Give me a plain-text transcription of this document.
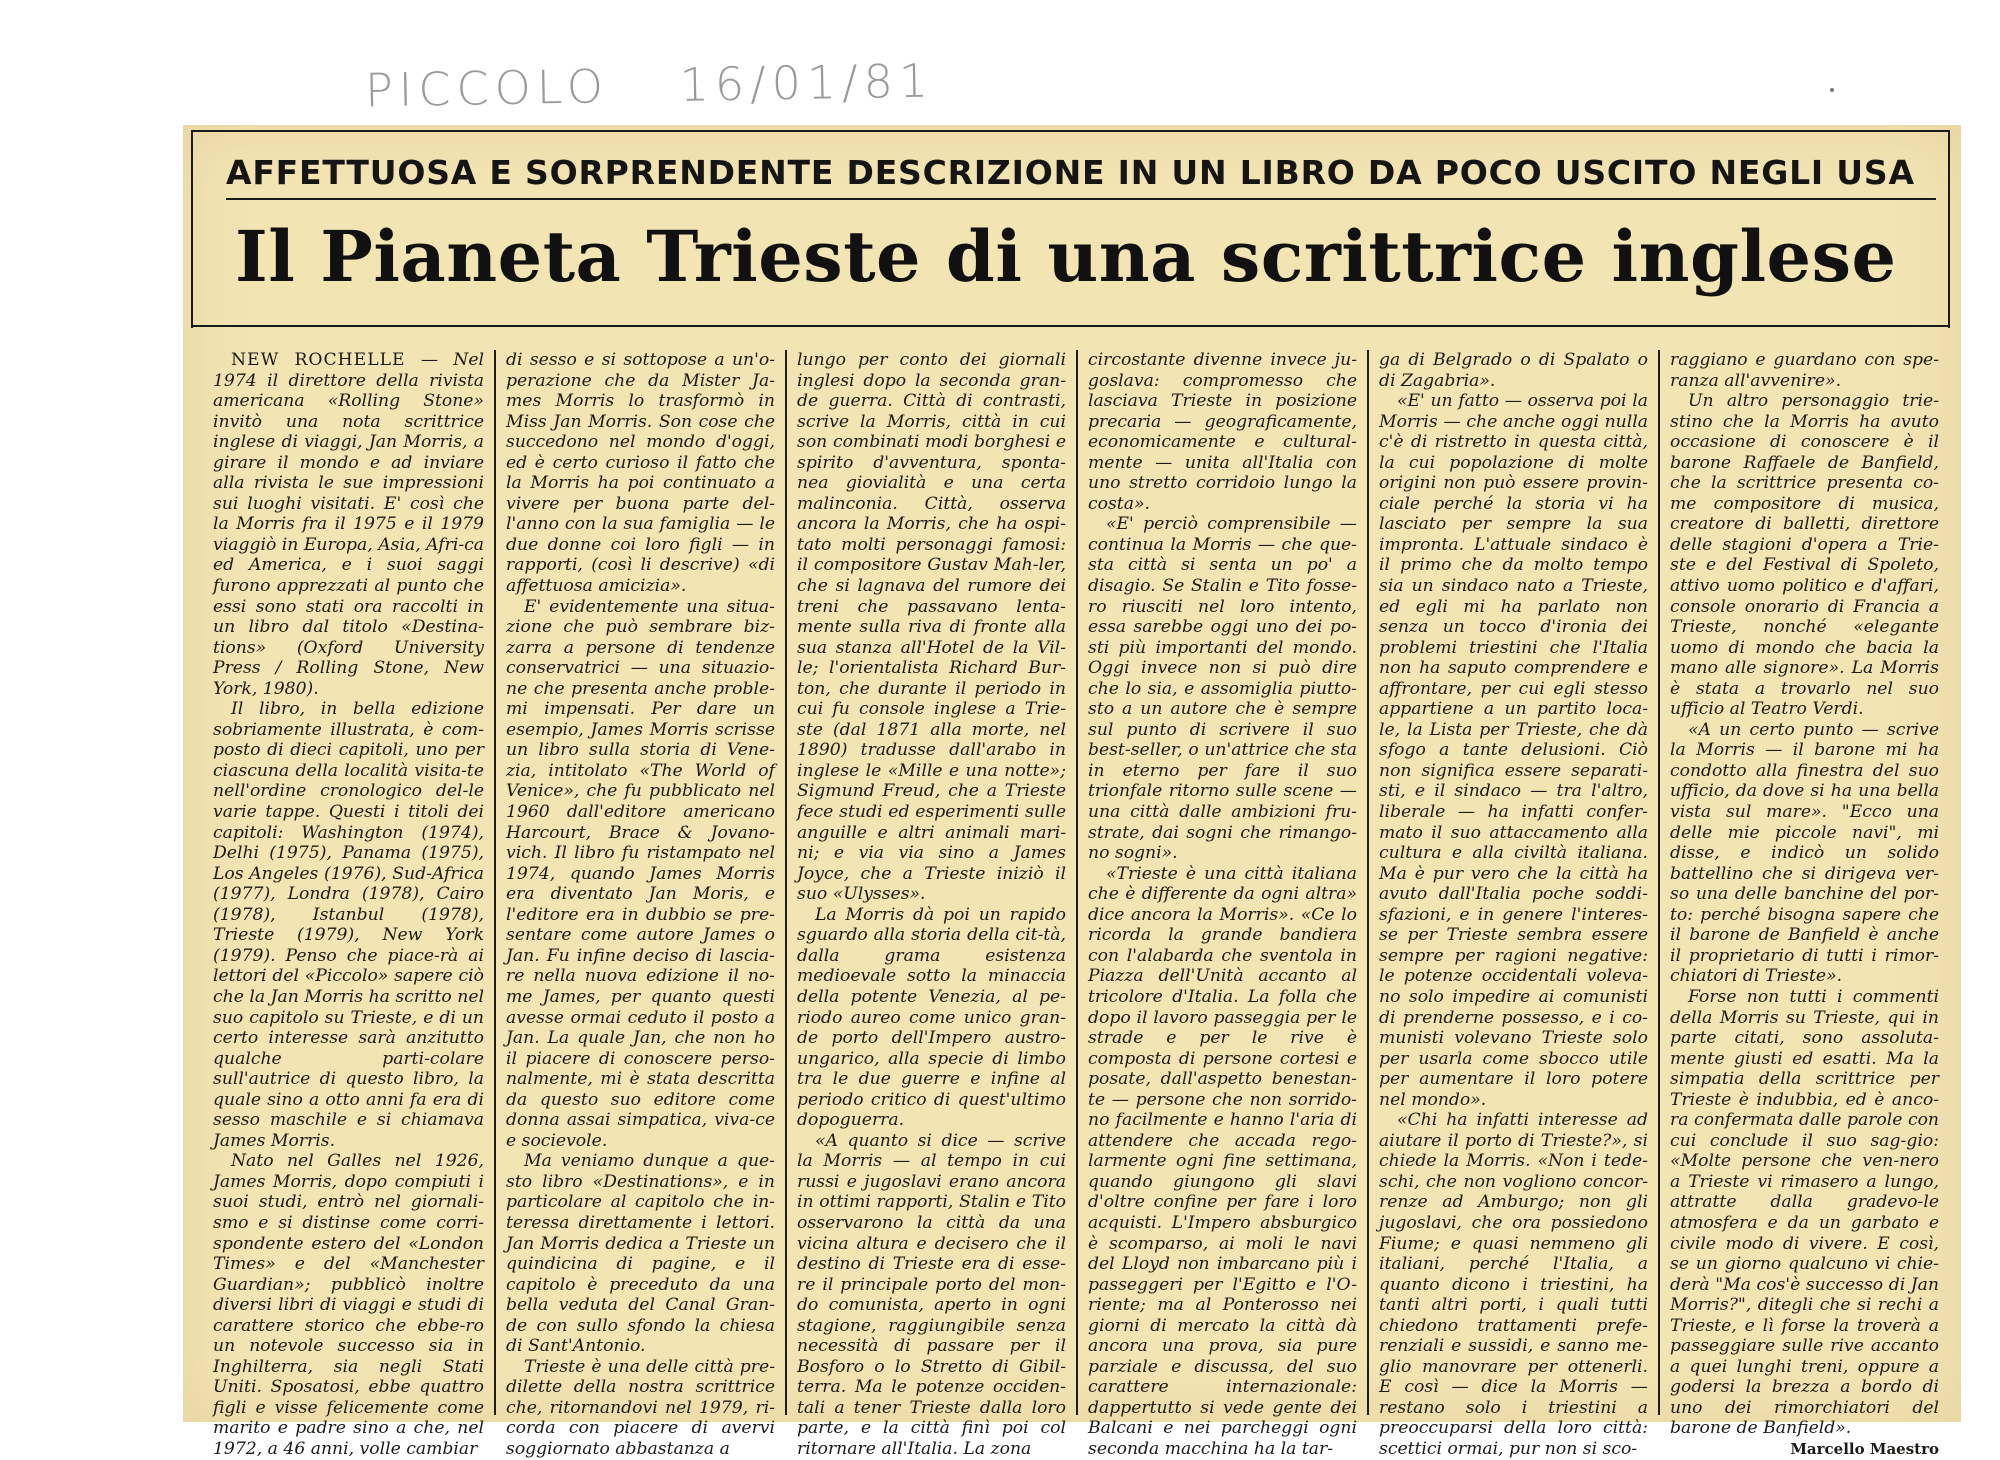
PICCOLO 16/01/81
AFFETTUOSA E SORPRENDENTE DESCRIZIONE IN UN LIBRO DA POCO USCITO NEGLI USA
Il Pianeta Trieste di una scrittrice inglese

NEW ROCHELLE — Nel 1974 il direttore della rivista americana «Rolling Stone» invitò una nota scrittrice inglese di viaggi, Jan Morris, a girare il mondo e ad inviare alla rivista le sue impressioni sui luoghi visitati. E' così che la Morris fra il 1975 e il 1979 viaggiò in Europa, Asia, Afri-ca ed America, e i suoi saggi furono apprezzati al punto che essi sono stati ora raccolti in un libro dal titolo «Destina-tions» (Oxford University Press / Rolling Stone, New York, 1980).

Il libro, in bella edizione sobriamente illustrata, è com-posto di dieci capitoli, uno per ciascuna della località visita-te nell'ordine cronologico del-le varie tappe. Questi i titoli dei capitoli: Washington (1974), Delhi (1975), Panama (1975), Los Angeles (1976), Sud-Africa (1977), Londra (1978), Cairo (1978), Istanbul (1978), Trieste (1979), New York (1979). Penso che piace-rà ai lettori del «Piccolo» sapere ciò che la Jan Morris ha scritto nel suo capitolo su Trieste, e di un certo interesse sarà anzitutto qualche parti-colare sull'autrice di questo libro, la quale sino a otto anni fa era di sesso maschile e si chiamava James Morris.

Nato nel Galles nel 1926, James Morris, dopo compiuti i suoi studi, entrò nel giornali-smo e si distinse come corri-spondente estero del «London Times» e del «Manchester Guardian»; pubblicò inoltre diversi libri di viaggi e studi di carattere storico che ebbe-ro un notevole successo sia in Inghilterra, sia negli Stati Uniti. Sposatosi, ebbe quattro figli e visse felicemente come marito e padre sino a che, nel 1972, a 46 anni, volle cambiar

di sesso e si sottopose a un'o-perazione che da Mister Ja-mes Morris lo trasformò in Miss Jan Morris. Son cose che succedono nel mondo d'oggi, ed è certo curioso il fatto che la Morris ha poi continuato a vivere per buona parte del-l'anno con la sua famiglia — le due donne coi loro figli — in rapporti, (così li descrive) «di affettuosa amicizia».

E' evidentemente una situa-zione che può sembrare biz-zarra a persone di tendenze conservatrici — una situazio-ne che presenta anche proble-mi impensati. Per dare un esempio, James Morris scrisse un libro sulla storia di Vene-zia, intitolato «The World of Venice», che fu pubblicato nel 1960 dall'editore americano Harcourt, Brace & Jovano-vich. Il libro fu ristampato nel 1974, quando James Morris era diventato Jan Moris, e l'editore era in dubbio se pre-sentare come autore James o Jan. Fu infine deciso di lascia-re nella nuova edizione il no-me James, per quanto questi avesse ormai ceduto il posto a Jan. La quale Jan, che non ho il piacere di conoscere perso-nalmente, mi è stata descritta da questo suo editore come donna assai simpatica, viva-ce e socievole.

Ma veniamo dunque a que-sto libro «Destinations», e in particolare al capitolo che in-teressa direttamente i lettori. Jan Morris dedica a Trieste un quindicina di pagine, e il capitolo è preceduto da una bella veduta del Canal Gran-de con sullo sfondo la chiesa di Sant'Antonio.

Trieste è una delle città pre-dilette della nostra scrittrice che, ritornandovi nel 1979, ri-corda con piacere di avervi soggiornato abbastanza a

lungo per conto dei giornali inglesi dopo la seconda gran-de guerra. Città di contrasti, scrive la Morris, città in cui son combinati modi borghesi e spirito d'avventura, sponta-nea giovialità e una certa malinconia. Città, osserva ancora la Morris, che ha ospi-tato molti personaggi famosi: il compositore Gustav Mah-ler, che si lagnava del rumore dei treni che passavano lenta-mente sulla riva di fronte alla sua stanza all'Hotel de la Vil-le; l'orientalista Richard Bur-ton, che durante il periodo in cui fu console inglese a Trie-ste (dal 1871 alla morte, nel 1890) tradusse dall'arabo in inglese le «Mille e una notte»; Sigmund Freud, che a Trieste fece studi ed esperimenti sulle anguille e altri animali mari-ni; e via via sino a James Joyce, che a Trieste iniziò il suo «Ulysses».

La Morris dà poi un rapido sguardo alla storia della cit-tà, dalla grama esistenza medioevale sotto la minaccia della potente Venezia, al pe-riodo aureo come unico gran-de porto dell'Impero austro-ungarico, alla specie di limbo tra le due guerre e infine al periodo critico di quest'ultimo dopoguerra.

«A quanto si dice — scrive la Morris — al tempo in cui russi e jugoslavi erano ancora in ottimi rapporti, Stalin e Tito osservarono la città da una vicina altura e decisero che il destino di Trieste era di esse-re il principale porto del mon-do comunista, aperto in ogni stagione, raggiungibile senza necessità di passare per il Bosforo o lo Stretto di Gibil-terra. Ma le potenze occiden-tali a tener Trieste dalla loro parte, e la città finì poi col ritornare all'Italia. La zona

circostante divenne invece ju-goslava: compromesso che lasciava Trieste in posizione precaria — geograficamente, economicamente e cultural-mente — unita all'Italia con uno stretto corridoio lungo la costa».

«E' perciò comprensibile — continua la Morris — che que-sta città si senta un po' a disagio. Se Stalin e Tito fosse-ro riusciti nel loro intento, essa sarebbe oggi uno dei po-sti più importanti del mondo. Oggi invece non si può dire che lo sia, e assomiglia piutto-sto a un autore che è sempre sul punto di scrivere il suo best-seller, o un'attrice che sta in eterno per fare il suo trionfale ritorno sulle scene — una città dalle ambizioni fru-strate, dai sogni che rimango-no sogni».

«Trieste è una città italiana che è differente da ogni altra» dice ancora la Morris». «Ce lo ricorda la grande bandiera con l'alabarda che sventola in Piazza dell'Unità accanto al tricolore d'Italia. La folla che dopo il lavoro passeggia per le strade e per le rive è composta di persone cortesi e posate, dall'aspetto benestan-te — persone che non sorrido-no facilmente e hanno l'aria di attendere che accada rego-larmente ogni fine settimana, quando giungono gli slavi d'oltre confine per fare i loro acquisti. L'Impero absburgico è scomparso, ai moli le navi del Lloyd non imbarcano più i passeggeri per l'Egitto e l'O-riente; ma al Ponterosso nei giorni di mercato la città dà ancora una prova, sia pure parziale e discussa, del suo carattere internazionale: dappertutto si vede gente dei Balcani e nei parcheggi ogni seconda macchina ha la tar-

ga di Belgrado o di Spalato o di Zagabria».

«E' un fatto — osserva poi la Morris — che anche oggi nulla c'è di ristretto in questa città, la cui popolazione di molte origini non può essere provin-ciale perché la storia vi ha lasciato per sempre la sua impronta. L'attuale sindaco è il primo che da molto tempo sia un sindaco nato a Trieste, ed egli mi ha parlato non senza un tocco d'ironia dei problemi triestini che l'Italia non ha saputo comprendere e affrontare, per cui egli stesso appartiene a un partito loca-le, la Lista per Trieste, che dà sfogo a tante delusioni. Ciò non significa essere separati-sti, e il sindaco — tra l'altro, liberale — ha infatti confer-mato il suo attaccamento alla cultura e alla civiltà italiana. Ma è pur vero che la città ha avuto dall'Italia poche soddi-sfazioni, e in genere l'interes-se per Trieste sembra essere sempre per ragioni negative: le potenze occidentali voleva-no solo impedire ai comunisti di prenderne possesso, e i co-munisti volevano Trieste solo per usarla come sbocco utile per aumentare il loro potere nel mondo».

«Chi ha infatti interesse ad aiutare il porto di Trieste?», si chiede la Morris. «Non i tede-schi, che non vogliono concor-renze ad Amburgo; non gli jugoslavi, che ora possiedono Fiume; e quasi nemmeno gli italiani, perché l'Italia, a quanto dicono i triestini, ha tanti altri porti, i quali tutti chiedono trattamenti prefe-renziali e sussidi, e sanno me-glio manovrare per ottenerli. E così — dice la Morris — restano solo i triestini a preoccuparsi della loro città: scettici ormai, pur non si sco-

raggiano e guardano con spe-ranza all'avvenire».

Un altro personaggio trie-stino che la Morris ha avuto occasione di conoscere è il barone Raffaele de Banfield, che la scrittrice presenta co-me compositore di musica, creatore di balletti, direttore delle stagioni d'opera a Trie-ste e del Festival di Spoleto, attivo uomo politico e d'affari, console onorario di Francia a Trieste, nonché «elegante uomo di mondo che bacia la mano alle signore». La Morris è stata a trovarlo nel suo ufficio al Teatro Verdi.

«A un certo punto — scrive la Morris — il barone mi ha condotto alla finestra del suo ufficio, da dove si ha una bella vista sul mare». "Ecco una delle mie piccole navi", mi disse, e indicò un solido battellino che si dirigeva ver-so una delle banchine del por-to: perché bisogna sapere che il barone de Banfield è anche il proprietario di tutti i rimor-chiatori di Trieste».

Forse non tutti i commenti della Morris su Trieste, qui in parte citati, sono assoluta-mente giusti ed esatti. Ma la simpatia della scrittrice per Trieste è indubbia, ed è anco-ra confermata dalle parole con cui conclude il suo sag-gio: «Molte persone che ven-nero a Trieste vi rimasero a lungo, attratte dalla gradevo-le atmosfera e da un garbato e civile modo di vivere. E così, se un giorno qualcuno vi chie-derà "Ma cos'è successo di Jan Morris?", ditegli che si rechi a Trieste, e lì forse la troverà a passeggiare sulle rive accanto a quei lunghi treni, oppure a godersi la brezza a bordo di uno dei rimorchiatori del barone de Banfield».
Marcello Maestro
